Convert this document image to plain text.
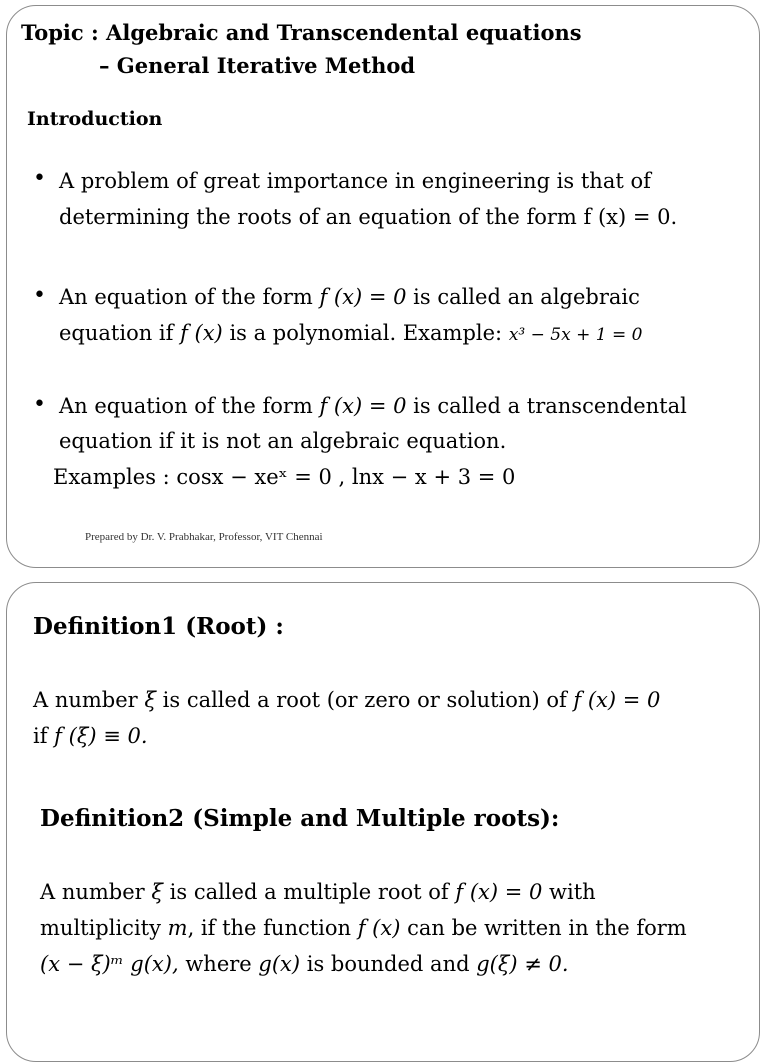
Topic : Algebraic and Transcendental equations
– General Iterative Method
Introduction
• A problem of great importance in engineering is that of
determining the roots of an equation of the form f (x) = 0.
• An equation of the form f (x) = 0 is called an algebraic
equation if f (x) is a polynomial. Example: x³ − 5x + 1 = 0
• An equation of the form f (x) = 0 is called a transcendental
equation if it is not an algebraic equation.
Examples : cosx − xeˣ = 0 , lnx − x + 3 = 0
Prepared by Dr. V. Prabhakar, Professor, VIT Chennai
Definition1 (Root) :
A number ξ is called a root (or zero or solution) of f (x) = 0
if f (ξ) ≡ 0.
Definition2 (Simple and Multiple roots):
A number ξ is called a multiple root of f (x) = 0 with
multiplicity m, if the function f (x) can be written in the form
(x − ξ)ᵐ g(x), where g(x) is bounded and g(ξ) ≠ 0.
